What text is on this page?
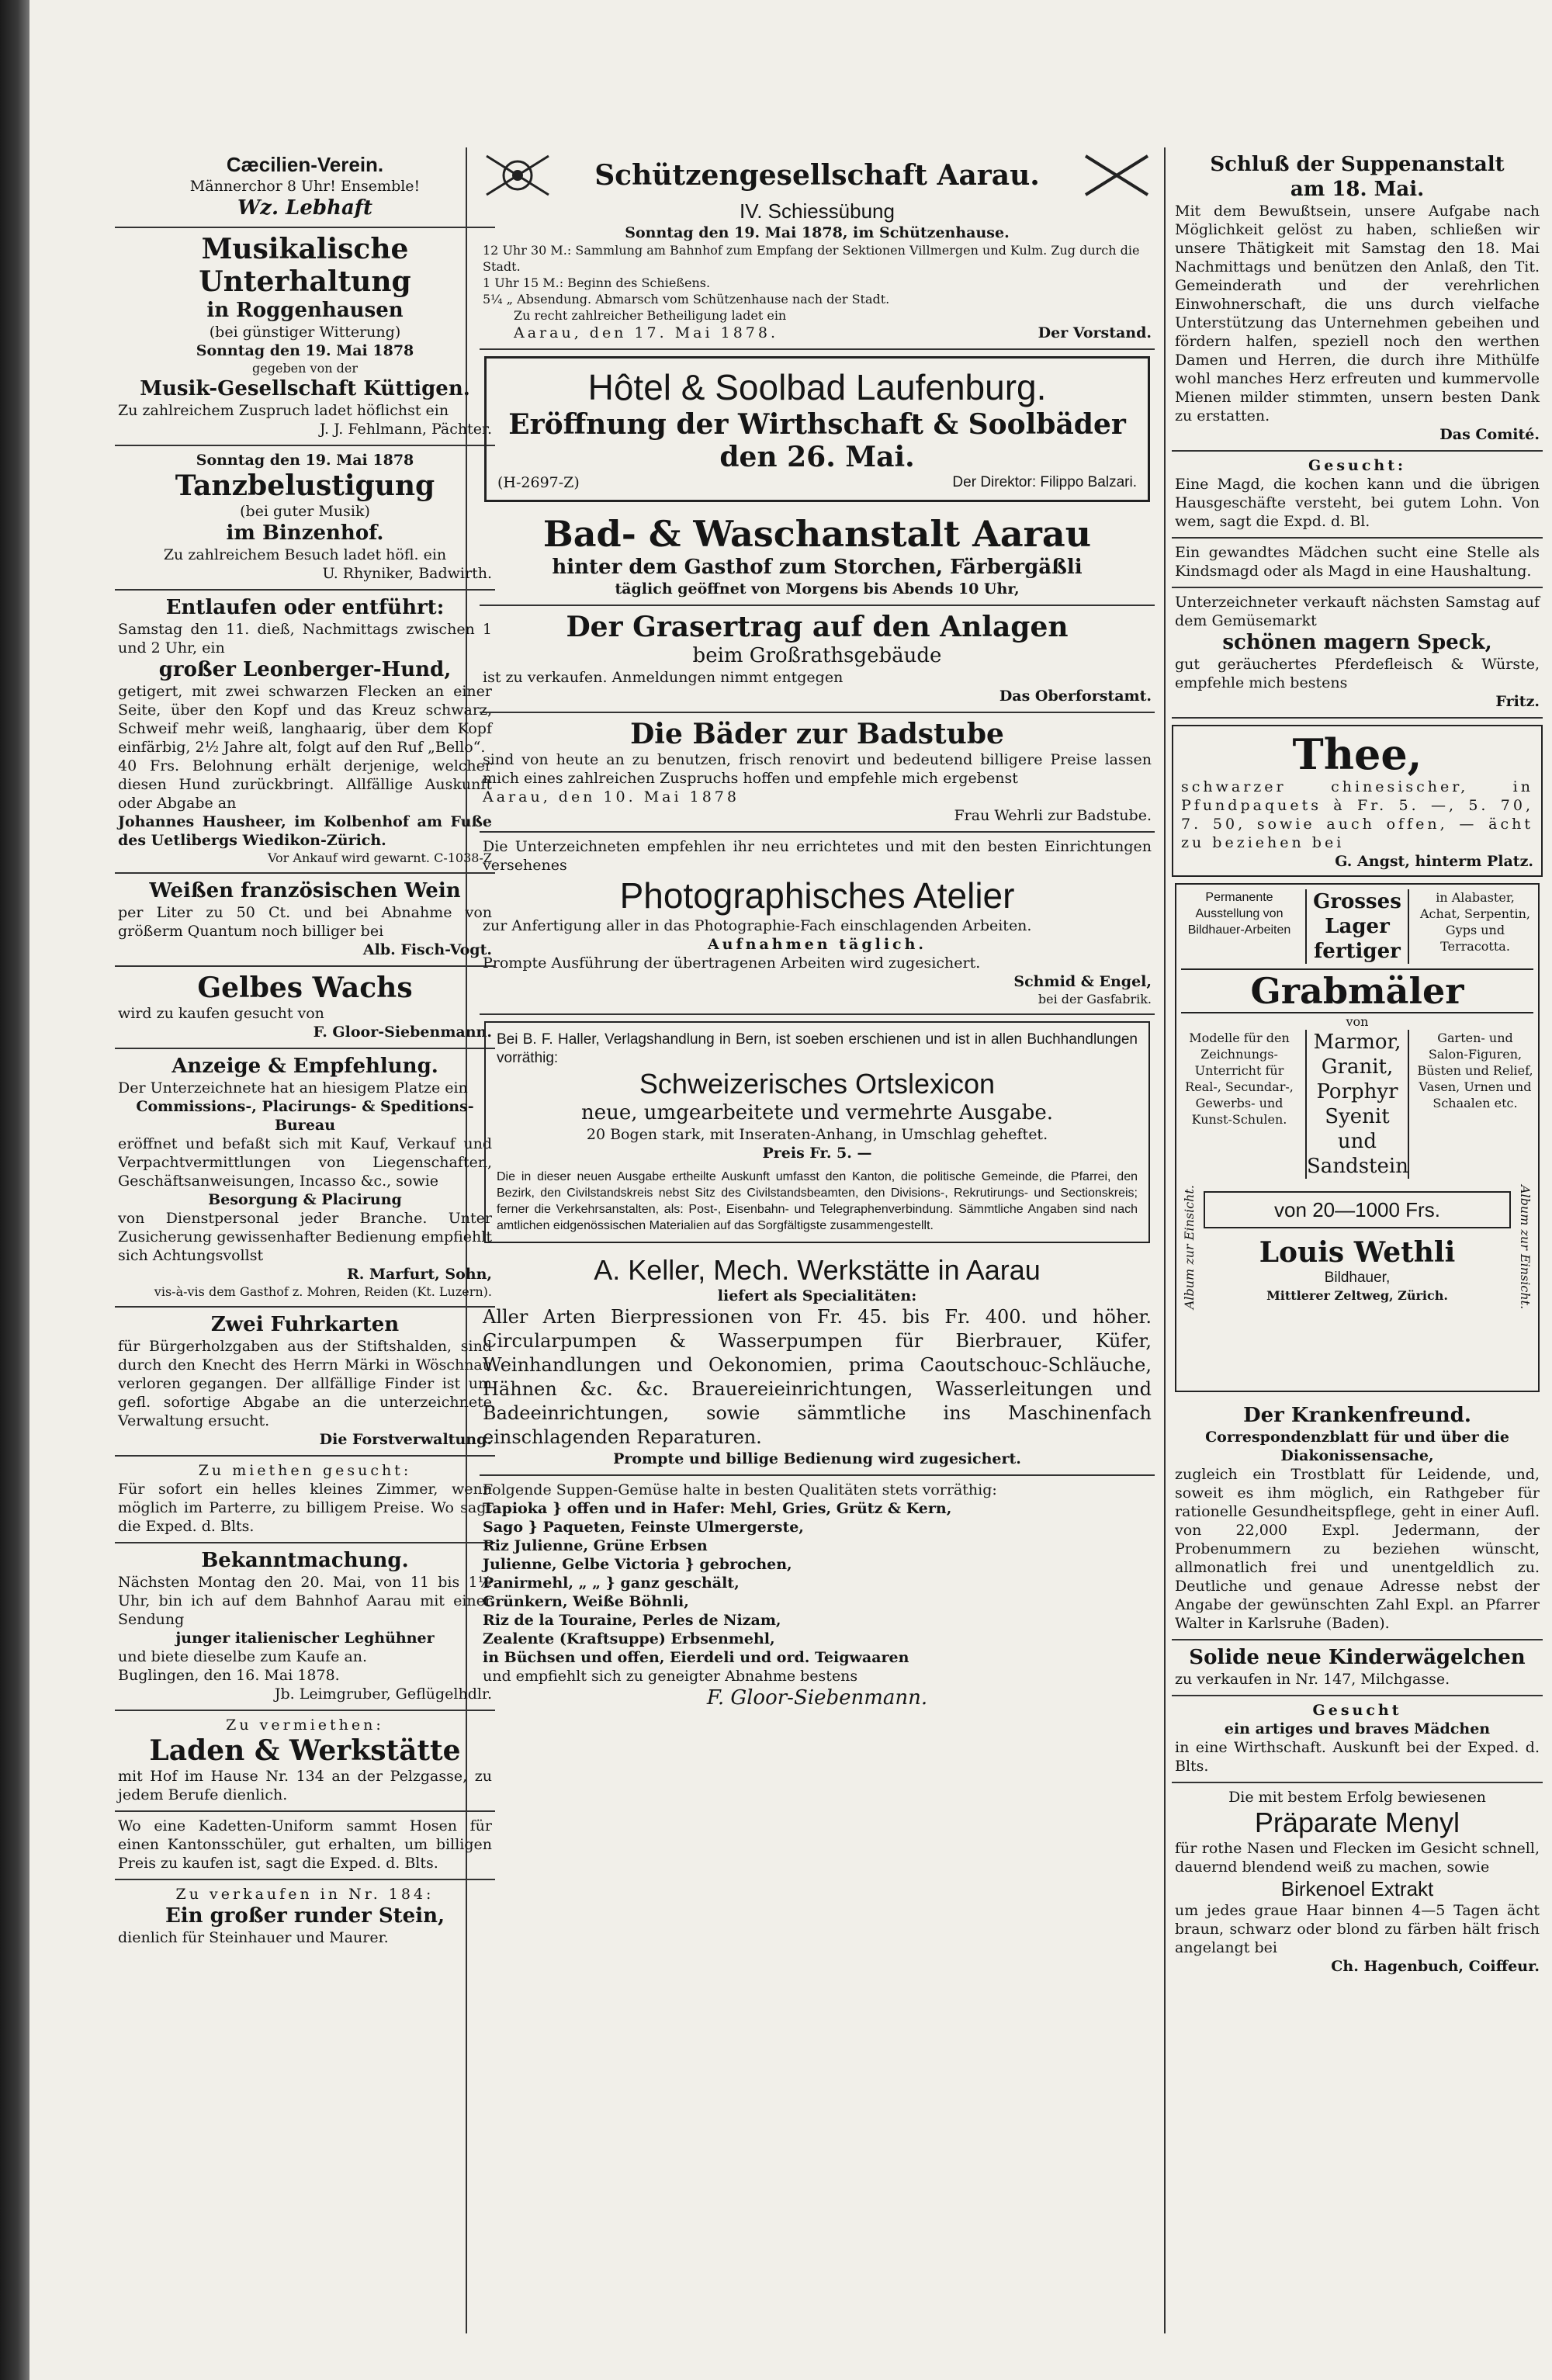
Cæcilien-Verein.

Männerchor 8 Uhr! Ensemble!

Wz. Lebhaft

Musikalische Unterhaltung

in Roggenhausen

(bei günstiger Witterung)

Sonntag den 19. Mai 1878

gegeben von der

Musik-Gesellschaft Küttigen.

Zu zahlreichem Zuspruch ladet höflichst ein

J. J. Fehlmann, Pächter.

Sonntag den 19. Mai 1878

Tanzbelustigung

(bei guter Musik)

im Binzenhof.

Zu zahlreichem Besuch ladet höfl. ein

U. Rhyniker, Badwirth.

Entlaufen oder entführt:

Samstag den 11. dieß, Nachmittags zwischen 1 und 2 Uhr, ein

großer Leonberger-Hund,

getigert, mit zwei schwarzen Flecken an einer Seite, über den Kopf und das Kreuz schwarz, Schweif mehr weiß, langhaarig, über dem Kopf einfärbig, 2½ Jahre alt, folgt auf den Ruf „Bello“.

40 Frs. Belohnung erhält derjenige, welcher diesen Hund zurückbringt. Allfällige Auskunft oder Abgabe an

Johannes Hausheer, im Kolbenhof am Fuße des Uetlibergs Wiedikon-Zürich.

Vor Ankauf wird gewarnt. C-1038-Z

Weißen französischen Wein

per Liter zu 50 Ct. und bei Abnahme von größerm Quantum noch billiger bei

Alb. Fisch-Vogt.

Gelbes Wachs

wird zu kaufen gesucht von

F. Gloor-Siebenmann.

Anzeige & Empfehlung.

Der Unterzeichnete hat an hiesigem Platze ein

Commissions-, Placirungs- & Speditions-Bureau

eröffnet und befaßt sich mit Kauf, Verkauf und Verpachtvermittlungen von Liegenschaften, Geschäftsanweisungen, Incasso &c., sowie

Besorgung & Placirung

von Dienstpersonal jeder Branche. Unter Zusicherung gewissenhafter Bedienung empfiehlt sich Achtungsvollst

R. Marfurt, Sohn,

vis-à-vis dem Gasthof z. Mohren, Reiden (Kt. Luzern).

Zwei Fuhrkarten

für Bürgerholzgaben aus der Stiftshalden, sind durch den Knecht des Herrn Märki in Wöschnau verloren gegangen. Der allfällige Finder ist um gefl. sofortige Abgabe an die unterzeichnete Verwaltung ersucht.

Die Forstverwaltung.

Zu miethen gesucht:

Für sofort ein helles kleines Zimmer, wenn möglich im Parterre, zu billigem Preise. Wo sagt die Exped. d. Blts.

Bekanntmachung.

Nächsten Montag den 20. Mai, von 11 bis 1½ Uhr, bin ich auf dem Bahnhof Aarau mit einer Sendung

junger italienischer Leghühner

und biete dieselbe zum Kaufe an.

Buglingen, den 16. Mai 1878.

Jb. Leimgruber, Geflügelhdlr.

Zu vermiethen:

Laden & Werkstätte

mit Hof im Hause Nr. 134 an der Pelzgasse, zu jedem Berufe dienlich.

Wo eine Kadetten-Uniform sammt Hosen für einen Kantonsschüler, gut erhalten, um billigen Preis zu kaufen ist, sagt die Exped. d. Blts.

Zu verkaufen in Nr. 184:

Ein großer runder Stein,

dienlich für Steinhauer und Maurer.

Schützengesellschaft Aarau.

IV. Schiessübung

Sonntag den 19. Mai 1878, im Schützenhause.

12 Uhr 30 M.: Sammlung am Bahnhof zum Empfang der Sektionen Villmergen und Kulm. Zug durch die Stadt.

1 Uhr 15 M.: Beginn des Schießens.

5¼ „ Absendung. Abmarsch vom Schützenhause nach der Stadt.

Zu recht zahlreicher Betheiligung ladet ein

Aarau, den 17. Mai 1878.	Der Vorstand.

Hôtel & Soolbad Laufenburg.

Eröffnung der Wirthschaft & Soolbäder

den 26. Mai.

(H-2697-Z)	Der Direktor: Filippo Balzari.

Bad- & Waschanstalt Aarau

hinter dem Gasthof zum Storchen, Färbergäßli

täglich geöffnet von Morgens bis Abends 10 Uhr,

Der Grasertrag auf den Anlagen

beim Großrathsgebäude

ist zu verkaufen. Anmeldungen nimmt entgegen

Das Oberforstamt.

Die Bäder zur Badstube

sind von heute an zu benutzen, frisch renovirt und bedeutend billigere Preise lassen mich eines zahlreichen Zuspruchs hoffen und empfehle mich ergebenst

Aarau, den 10. Mai 1878

Frau Wehrli zur Badstube.

Die Unterzeichneten empfehlen ihr neu errichtetes und mit den besten Einrichtungen versehenes

Photographisches Atelier

zur Anfertigung aller in das Photographie-Fach einschlagenden Arbeiten.

Aufnahmen täglich.

Prompte Ausführung der übertragenen Arbeiten wird zugesichert.

Schmid & Engel,

bei der Gasfabrik.

Bei B. F. Haller, Verlagshandlung in Bern, ist soeben erschienen und ist in allen Buchhandlungen vorräthig:

Schweizerisches Ortslexicon

neue, umgearbeitete und vermehrte Ausgabe.

20 Bogen stark, mit Inseraten-Anhang, in Umschlag geheftet.

Preis Fr. 5. —

Die in dieser neuen Ausgabe ertheilte Auskunft umfasst den Kanton, die politische Gemeinde, die Pfarrei, den Bezirk, den Civilstandskreis nebst Sitz des Civilstandsbeamten, den Divisions-, Rekrutirungs- und Sectionskreis; ferner die Verkehrsanstalten, als: Post-, Eisenbahn- und Telegraphenverbindung. Sämmtliche Angaben sind nach amtlichen eidgenössischen Materialien auf das Sorgfältigste zusammengestellt.

A. Keller, Mech. Werkstätte in Aarau

liefert als Specialitäten:

Aller Arten Bierpressionen von Fr. 45. bis Fr. 400. und höher. Circularpumpen & Wasserpumpen für Bierbrauer, Küfer, Weinhandlungen und Oekonomien, prima Caoutschouc-Schläuche, Hähnen &c. &c. Brauereieinrichtungen, Wasserleitungen und Badeeinrichtungen, sowie sämmtliche ins Maschinenfach einschlagenden Reparaturen.

Prompte und billige Bedienung wird zugesichert.

Folgende Suppen-Gemüse halte in besten Qualitäten stets vorräthig:

Tapioka } offen und in Hafer: Mehl, Gries, Grütz & Kern,

Sago } Paqueten, Feinste Ulmergerste,

Riz Julienne, Grüne Erbsen

Julienne, Gelbe Victoria } gebrochen,

Panirmehl, „ „ } ganz geschält,

Grünkern, Weiße Böhnli,

Riz de la Touraine, Perles de Nizam,

Zealente (Kraftsuppe) Erbsenmehl,

in Büchsen und offen, Eierdeli und ord. Teigwaaren

und empfiehlt sich zu geneigter Abnahme bestens

F. Gloor-Siebenmann.

Schluß der Suppenanstalt

am 18. Mai.

Mit dem Bewußtsein, unsere Aufgabe nach Möglichkeit gelöst zu haben, schließen wir unsere Thätigkeit mit Samstag den 18. Mai Nachmittags und benützen den Anlaß, den Tit. Gemeinderath und der verehrlichen Einwohnerschaft, die uns durch vielfache Unterstützung das Unternehmen gebeihen und fördern halfen, speziell noch den werthen Damen und Herren, die durch ihre Mithülfe wohl manches Herz erfreuten und kummervolle Mienen milder stimmten, unsern besten Dank zu erstatten.

Das Comité.

Gesucht:

Eine Magd, die kochen kann und die übrigen Hausgeschäfte versteht, bei gutem Lohn. Von wem, sagt die Expd. d. Bl.

Ein gewandtes Mädchen sucht eine Stelle als Kindsmagd oder als Magd in eine Haushaltung.

Unterzeichneter verkauft nächsten Samstag auf dem Gemüsemarkt

schönen magern Speck,

gut geräuchertes Pferdefleisch & Würste, empfehle mich bestens

Fritz.

Thee,

schwarzer chinesischer, in Pfundpaquets à Fr. 5. —, 5. 70, 7. 50, sowie auch offen, — ächt zu beziehen bei

G. Angst, hinterm Platz.

Permanente Ausstellung von Bildhauer-Arbeiten

Grosses Lager fertiger

in Alabaster, Achat, Serpentin, Gyps und Terracotta.

Grabmäler

von

Modelle für den Zeichnungs-Unterricht für Real-, Secundar-, Gewerbs- und Kunst-Schulen.

Marmor, Granit, Porphyr Syenit und Sandstein

Garten- und Salon-Figuren, Büsten und Relief, Vasen, Urnen und Schaalen etc.

Album zur Einsicht.	von 20—1000 Frs.

Louis Wethli

Bildhauer,

Mittlerer Zeltweg, Zürich.	Album zur Einsicht.

Der Krankenfreund.

Correspondenzblatt für und über die Diakonissensache,

zugleich ein Trostblatt für Leidende, und, soweit es ihm möglich, ein Rathgeber für rationelle Gesundheitspflege, geht in einer Aufl. von 22,000 Expl. Jedermann, der Probenummern zu beziehen wünscht, allmonatlich frei und unentgeldlich zu. Deutliche und genaue Adresse nebst der Angabe der gewünschten Zahl Expl. an Pfarrer Walter in Karlsruhe (Baden).

Solide neue Kinderwägelchen

zu verkaufen in Nr. 147, Milchgasse.

Gesucht

ein artiges und braves Mädchen

in eine Wirthschaft. Auskunft bei der Exped. d. Blts.

Die mit bestem Erfolg bewiesenen

Präparate Menyl

für rothe Nasen und Flecken im Gesicht schnell, dauernd blendend weiß zu machen, sowie

Birkenoel Extrakt

um jedes graue Haar binnen 4—5 Tagen ächt braun, schwarz oder blond zu färben hält frisch angelangt bei

Ch. Hagenbuch, Coiffeur.
